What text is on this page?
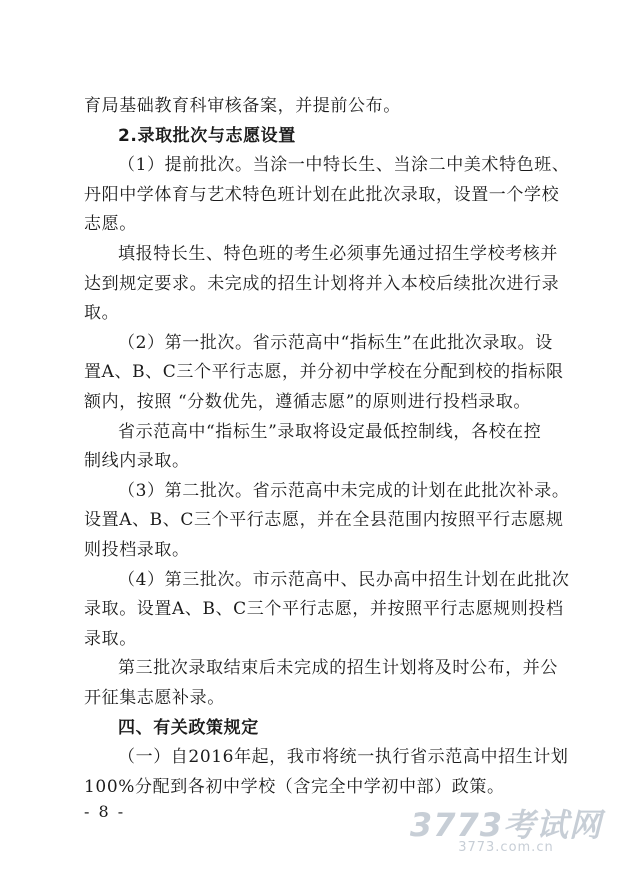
育局基础教育科审核备案，并提前公布。
2.录取批次与志愿设置
（1）提前批次。当涂一中特长生、当涂二中美术特色班、
丹阳中学体育与艺术特色班计划在此批次录取，设置一个学校
志愿。
填报特长生、特色班的考生必须事先通过招生学校考核并
达到规定要求。未完成的招生计划将并入本校后续批次进行录
取。
（2）第一批次。省示范高中“指标生”在此批次录取。设
置A、B、C三个平行志愿，并分初中学校在分配到校的指标限
额内，按照 “分数优先，遵循志愿”的原则进行投档录取。
省示范高中“指标生”录取将设定最低控制线，各校在控
制线内录取。
（3）第二批次。省示范高中未完成的计划在此批次补录。
设置A、B、C三个平行志愿，并在全县范围内按照平行志愿规
则投档录取。
（4）第三批次。市示范高中、民办高中招生计划在此批次
录取。设置A、B、C三个平行志愿，并按照平行志愿规则投档
录取。
第三批次录取结束后未完成的招生计划将及时公布，并公
开征集志愿补录。
四、有关政策规定
（一）自2016年起，我市将统一执行省示范高中招生计划
100%分配到各初中学校（含完全中学初中部）政策。
- 8 -	3773考试网
3773.com.cn
